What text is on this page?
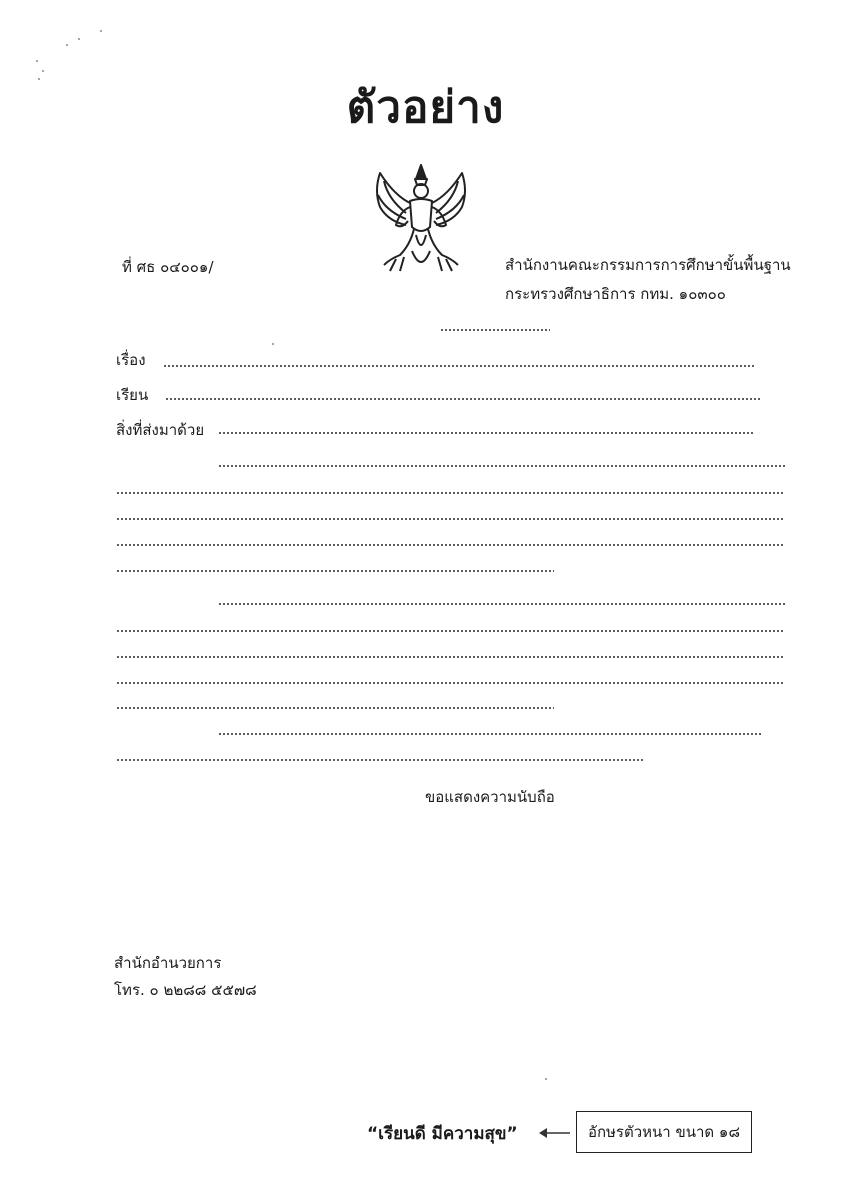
ตัวอย่าง
ที่ ศธ ๐๔๐๐๑/	สำนักงานคณะกรรมการการศึกษาขั้นพื้นฐาน
กระทรวงศึกษาธิการ กทม. ๑๐๓๐๐
เรื่อง
เรียน
สิ่งที่ส่งมาด้วย
ขอแสดงความนับถือ
สำนักอำนวยการ
โทร. ๐ ๒๒๘๘ ๕๕๗๘
“เรียนดี มีความสุข”	อักษรตัวหนา ขนาด ๑๘
